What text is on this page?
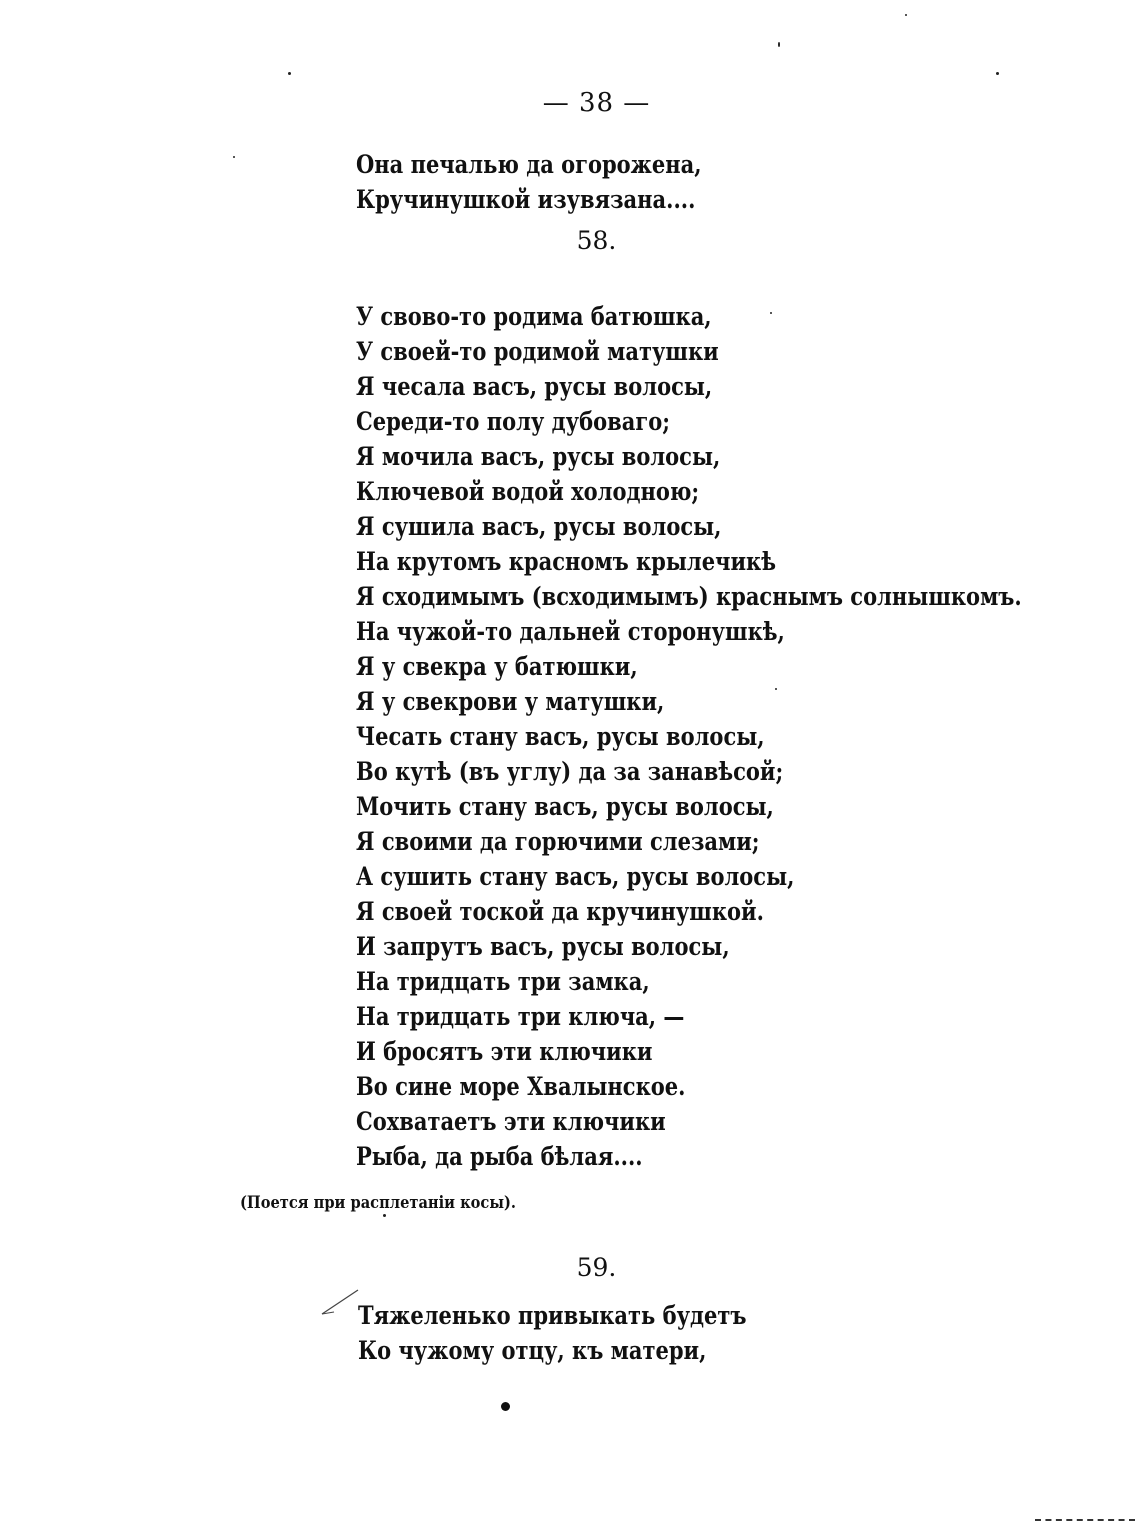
— 38 —
Она печалью да огорожена,
Кручинушкой изувязана....
58.
У свово-то родима батюшка,
У своей-то родимой матушки
Я чесала васъ, русы волосы,
Середи-то полу дубоваго;
Я мочила васъ, русы волосы,
Ключевой водой холодною;
Я сушила васъ, русы волосы,
На крутомъ красномъ крылечикѣ
Я сходимымъ (всходимымъ) краснымъ солнышкомъ.
На чужой-то дальней сторонушкѣ,
Я у свекра у батюшки,
Я у свекрови у матушки,
Чесать стану васъ, русы волосы,
Во кутѣ (въ углу) да за занавѣсой;
Мочить стану васъ, русы волосы,
Я своими да горючими слезами;
А сушить стану васъ, русы волосы,
Я своей тоской да кручинушкой.
И запрутъ васъ, русы волосы,
На тридцать три замка,
На тридцать три ключа, —
И бросятъ эти ключики
Во сине море Хвалынское.
Сохватаетъ эти ключики
Рыба, да рыба бѣлая....
(Поется при расплетаніи косы).
59.
Тяжеленько привыкать будетъ
Ко чужому отцу, къ матери,
